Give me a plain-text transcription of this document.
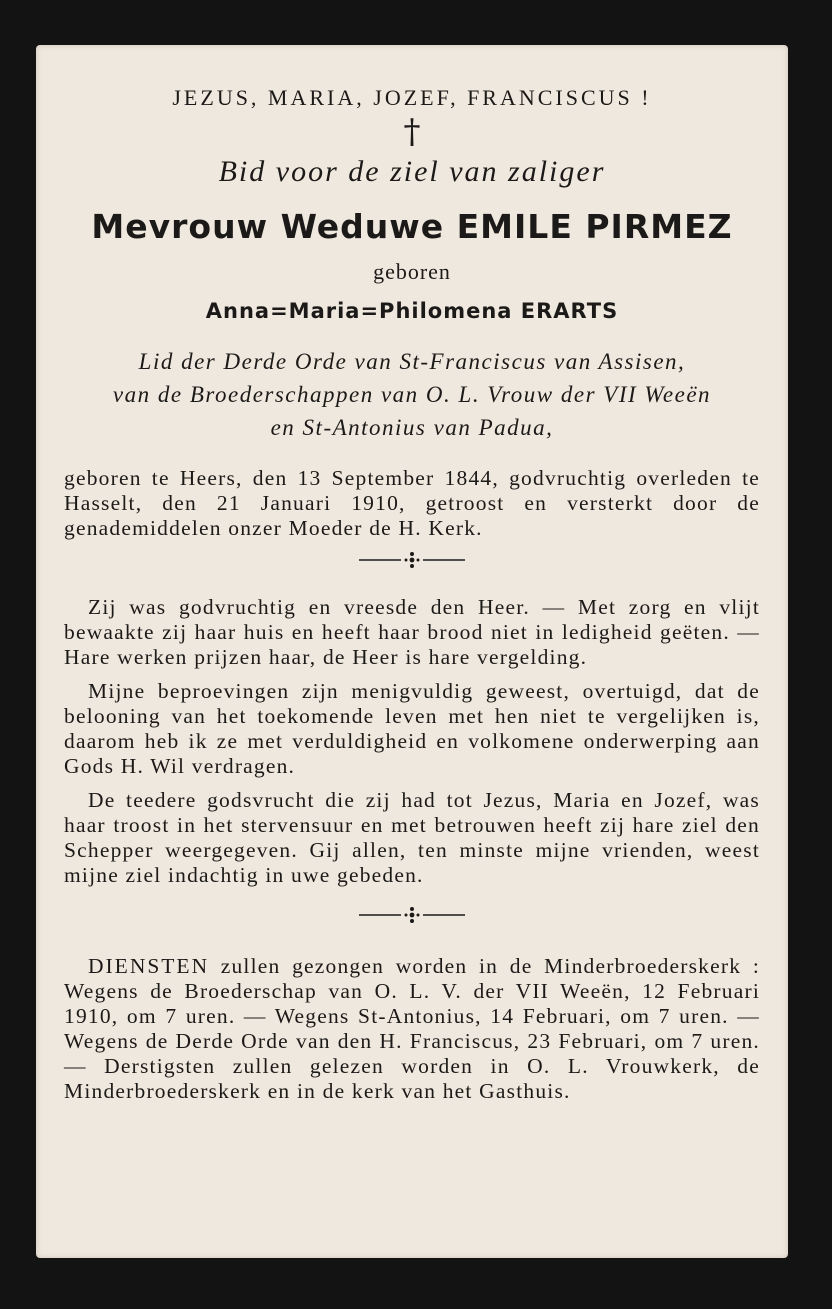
JEZUS, MARIA, JOZEF, FRANCISCUS !
†
Bid voor de ziel van zaliger
Mevrouw Weduwe EMILE PIRMEZ
geboren
Anna=Maria=Philomena ERARTS
Lid der Derde Orde van St-Franciscus van Assisen,
van de Broederschappen van O. L. Vrouw der VII Weeën
en St-Antonius van Padua,
geboren te Heers, den 13 September 1844, godvruchtig overleden te Hasselt, den 21 Januari 1910, getroost en versterkt door de genademiddelen onzer Moeder de H. Kerk.
Zij was godvruchtig en vreesde den Heer. — Met zorg en vlijt bewaakte zij haar huis en heeft haar brood niet in ledigheid geëten. — Hare werken prijzen haar, de Heer is hare vergelding.
Mijne beproevingen zijn menigvuldig geweest, overtuigd, dat de belooning van het toekomende leven met hen niet te vergelijken is, daarom heb ik ze met verduldigheid en volkomene onderwerping aan Gods H. Wil verdragen.
De teedere godsvrucht die zij had tot Jezus, Maria en Jozef, was haar troost in het stervensuur en met betrouwen heeft zij hare ziel den Schepper weergegeven. Gij allen, ten minste mijne vrienden, weest mijne ziel indachtig in uwe gebeden.
DIENSTEN zullen gezongen worden in de Minderbroederskerk : Wegens de Broederschap van O. L. V. der VII Weeën, 12 Februari 1910, om 7 uren. — Wegens St-Antonius, 14 Februari, om 7 uren. — Wegens de Derde Orde van den H. Franciscus, 23 Februari, om 7 uren. — Derstigsten zullen gelezen worden in O. L. Vrouwkerk, de Minderbroederskerk en in de kerk van het Gasthuis.
